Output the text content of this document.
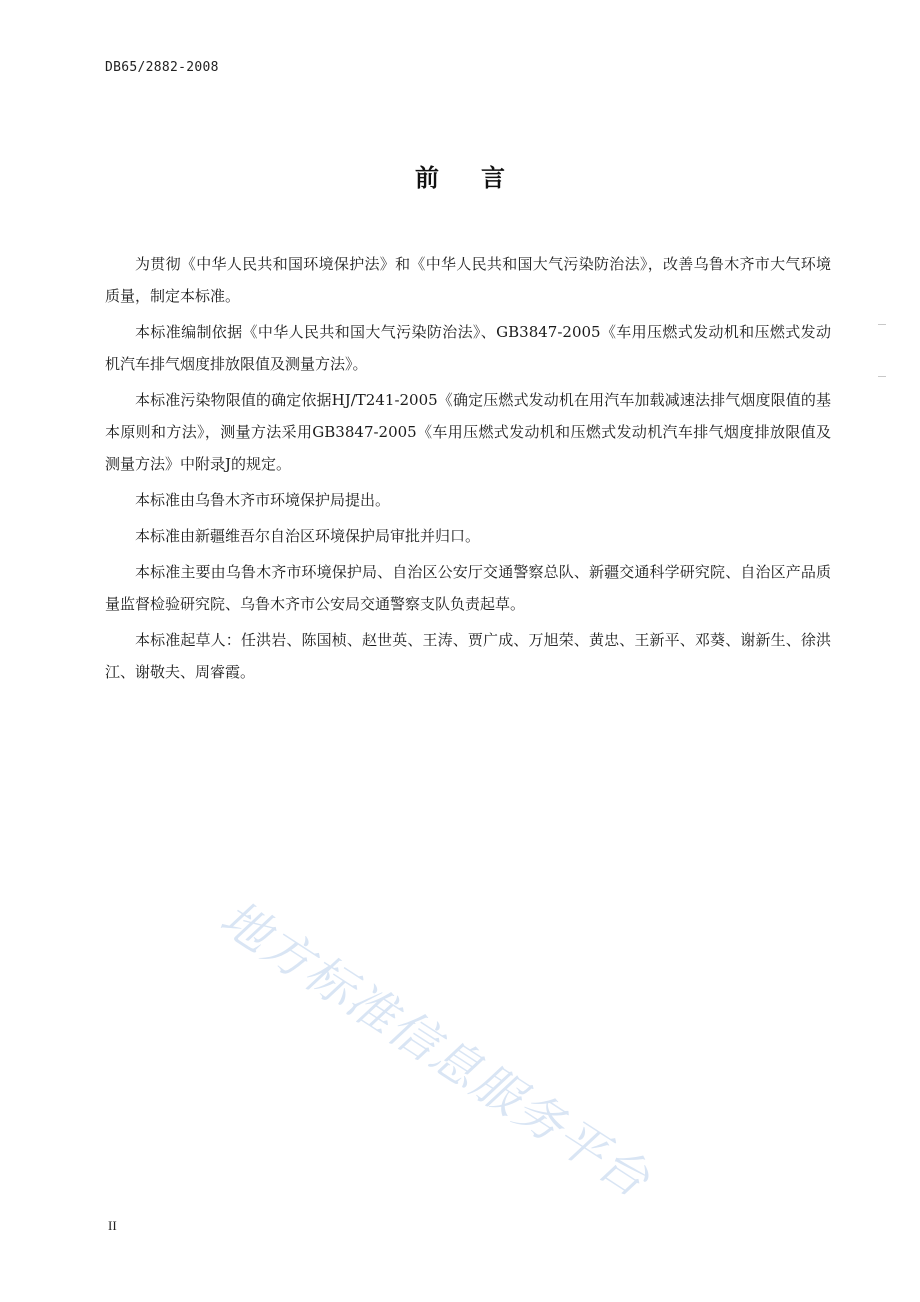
DB65/2882-2008
前言

为贯彻《中华人民共和国环境保护法》和《中华人民共和国大气污染防治法》，改善乌鲁木齐市大气环境质量，制定本标准。

本标准编制依据《中华人民共和国大气污染防治法》、GB3847-2005《车用压燃式发动机和压燃式发动机汽车排气烟度排放限值及测量方法》。

本标准污染物限值的确定依据HJ/T241-2005《确定压燃式发动机在用汽车加载减速法排气烟度限值的基本原则和方法》，测量方法采用GB3847-2005《车用压燃式发动机和压燃式发动机汽车排气烟度排放限值及测量方法》中附录J的规定。

本标准由乌鲁木齐市环境保护局提出。

本标准由新疆维吾尔自治区环境保护局审批并归口。

本标准主要由乌鲁木齐市环境保护局、自治区公安厅交通警察总队、新疆交通科学研究院、自治区产品质量监督检验研究院、乌鲁木齐市公安局交通警察支队负责起草。

本标准起草人：任洪岩、陈国桢、赵世英、王涛、贾广成、万旭荣、黄忠、王新平、邓葵、谢新生、徐洪江、谢敬夫、周睿霞。

地方标准信息服务平台
II
